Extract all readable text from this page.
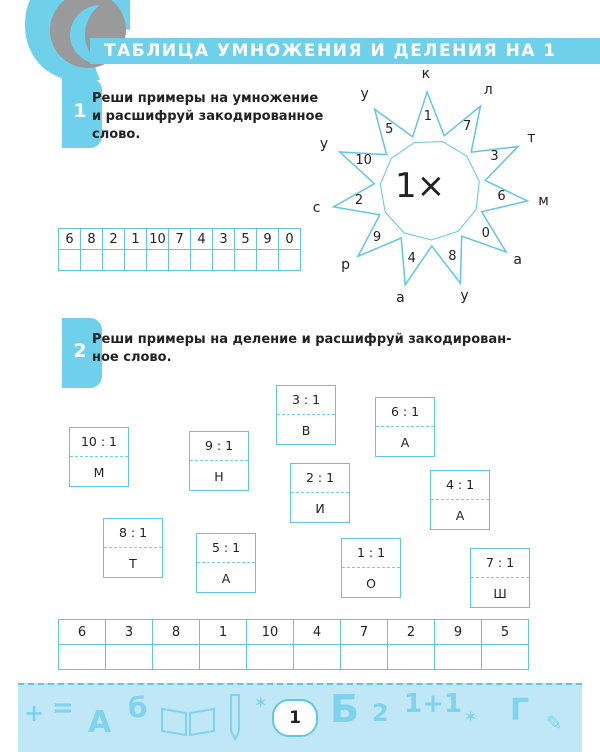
ТАБЛИЦА УМНОЖЕНИЯ И ДЕЛЕНИЯ НА 1
1
Реши примеры на умножение
и расшифруй закодированное
слово.
6	8	2	1	10	7	4	3	5	9	0

1×
1
7
3
6
0
8
4
9
2
10
5
к
л
т
м
а
у
а
р
с
у
у
2
Реши примеры на деление и расшифруй закодирован-
ное слово.
10 : 1
М
9 : 1
Н
3 : 1
В
6 : 1
А
2 : 1
И
4 : 1
А
8 : 1
Т
5 : 1
А
1 : 1
О
7 : 1
Ш
6	3	8	1	10	4	7	2	9	5

+ = A б	✶
1 Б 2 1+1 ✶ Г ✎
